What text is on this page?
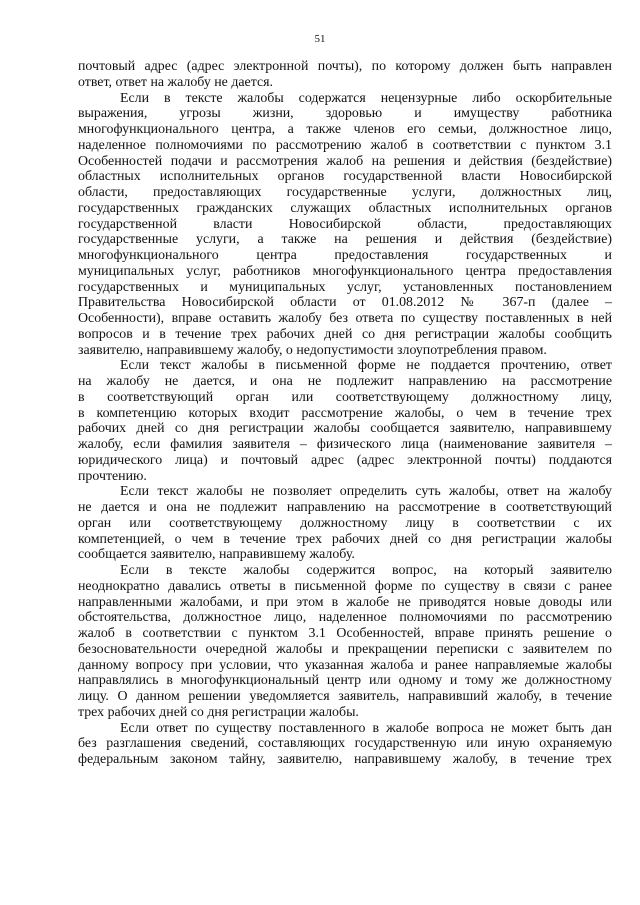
51
почтовый адрес (адрес электронной почты), по которому должен быть направлен
ответ, ответ на жалобу не дается.
Если в тексте жалобы содержатся нецензурные либо оскорбительные
выражения, угрозы жизни, здоровью и имуществу работника
многофункционального центра, а также членов его семьи, должностное лицо,
наделенное полномочиями по рассмотрению жалоб в соответствии с пунктом 3.1
Особенностей подачи и рассмотрения жалоб на решения и действия (бездействие)
областных исполнительных органов государственной власти Новосибирской
области, предоставляющих государственные услуги, должностных лиц,
государственных гражданских служащих областных исполнительных органов
государственной власти Новосибирской области, предоставляющих
государственные услуги, а также на решения и действия (бездействие)
многофункционального центра предоставления государственных и
муниципальных услуг, работников многофункционального центра предоставления
государственных и муниципальных услуг, установленных постановлением
Правительства Новосибирской области от 01.08.2012 № 367-п (далее –
Особенности), вправе оставить жалобу без ответа по существу поставленных в ней
вопросов и в течение трех рабочих дней со дня регистрации жалобы сообщить
заявителю, направившему жалобу, о недопустимости злоупотребления правом.
Если текст жалобы в письменной форме не поддается прочтению, ответ
на жалобу не дается, и она не подлежит направлению на рассмотрение
в соответствующий орган или соответствующему должностному лицу,
в компетенцию которых входит рассмотрение жалобы, о чем в течение трех
рабочих дней со дня регистрации жалобы сообщается заявителю, направившему
жалобу, если фамилия заявителя – физического лица (наименование заявителя –
юридического лица) и почтовый адрес (адрес электронной почты) поддаются
прочтению.
Если текст жалобы не позволяет определить суть жалобы, ответ на жалобу
не дается и она не подлежит направлению на рассмотрение в соответствующий
орган или соответствующему должностному лицу в соответствии с их
компетенцией, о чем в течение трех рабочих дней со дня регистрации жалобы
сообщается заявителю, направившему жалобу.
Если в тексте жалобы содержится вопрос, на который заявителю
неоднократно давались ответы в письменной форме по существу в связи с ранее
направленными жалобами, и при этом в жалобе не приводятся новые доводы или
обстоятельства, должностное лицо, наделенное полномочиями по рассмотрению
жалоб в соответствии с пунктом 3.1 Особенностей, вправе принять решение о
безосновательности очередной жалобы и прекращении переписки с заявителем по
данному вопросу при условии, что указанная жалоба и ранее направляемые жалобы
направлялись в многофункциональный центр или одному и тому же должностному
лицу. О данном решении уведомляется заявитель, направивший жалобу, в течение
трех рабочих дней со дня регистрации жалобы.
Если ответ по существу поставленного в жалобе вопроса не может быть дан
без разглашения сведений, составляющих государственную или иную охраняемую
федеральным законом тайну, заявителю, направившему жалобу, в течение трех
